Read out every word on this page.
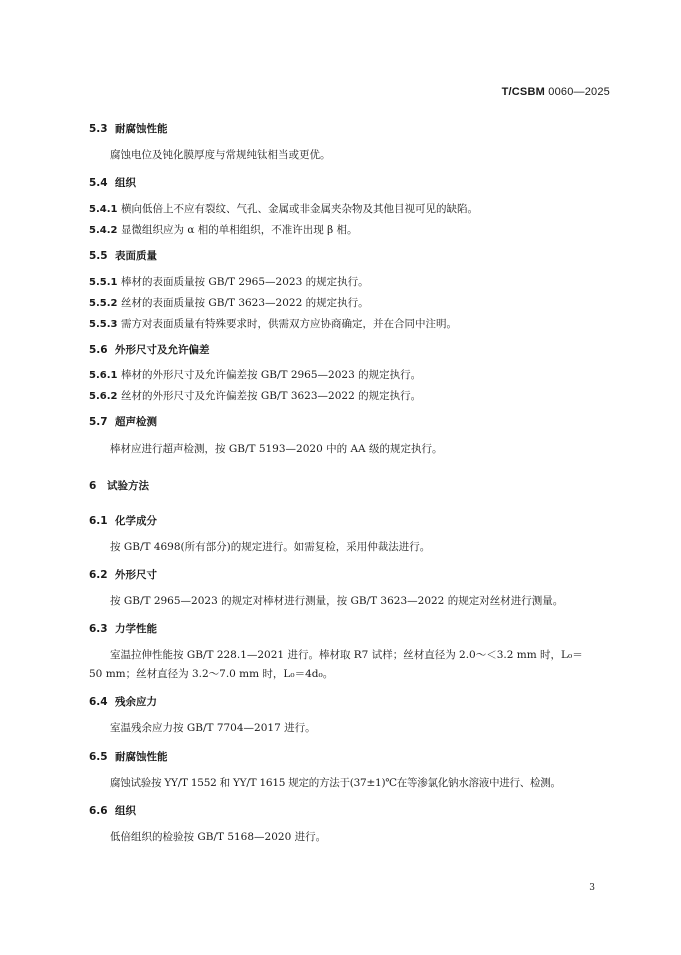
T/CSBM 0060—2025
5.3 耐腐蚀性能
腐蚀电位及钝化膜厚度与常规纯钛相当或更优。
5.4 组织
5.4.1 横向低倍上不应有裂纹、气孔、金属或非金属夹杂物及其他目视可见的缺陷。
5.4.2 显微组织应为 α 相的单相组织，不准许出现 β 相。
5.5 表面质量
5.5.1 棒材的表面质量按 GB/T 2965—2023 的规定执行。
5.5.2 丝材的表面质量按 GB/T 3623—2022 的规定执行。
5.5.3 需方对表面质量有特殊要求时，供需双方应协商确定，并在合同中注明。
5.6 外形尺寸及允许偏差
5.6.1 棒材的外形尺寸及允许偏差按 GB/T 2965—2023 的规定执行。
5.6.2 丝材的外形尺寸及允许偏差按 GB/T 3623—2022 的规定执行。
5.7 超声检测
棒材应进行超声检测，按 GB/T 5193—2020 中的 AA 级的规定执行。
6 试验方法
6.1 化学成分
按 GB/T 4698(所有部分)的规定进行。如需复检，采用仲裁法进行。
6.2 外形尺寸
按 GB/T 2965—2023 的规定对棒材进行测量，按 GB/T 3623—2022 的规定对丝材进行测量。
6.3 力学性能
室温拉伸性能按 GB/T 228.1—2021 进行。棒材取 R7 试样；丝材直径为 2.0～＜3.2 mm 时，L₀＝
50 mm；丝材直径为 3.2～7.0 mm 时，L₀＝4d₀。
6.4 残余应力
室温残余应力按 GB/T 7704—2017 进行。
6.5 耐腐蚀性能
腐蚀试验按 YY/T 1552 和 YY/T 1615 规定的方法于(37±1)℃在等渗氯化钠水溶液中进行、检测。
6.6 组织
低倍组织的检验按 GB/T 5168—2020 进行。
3
